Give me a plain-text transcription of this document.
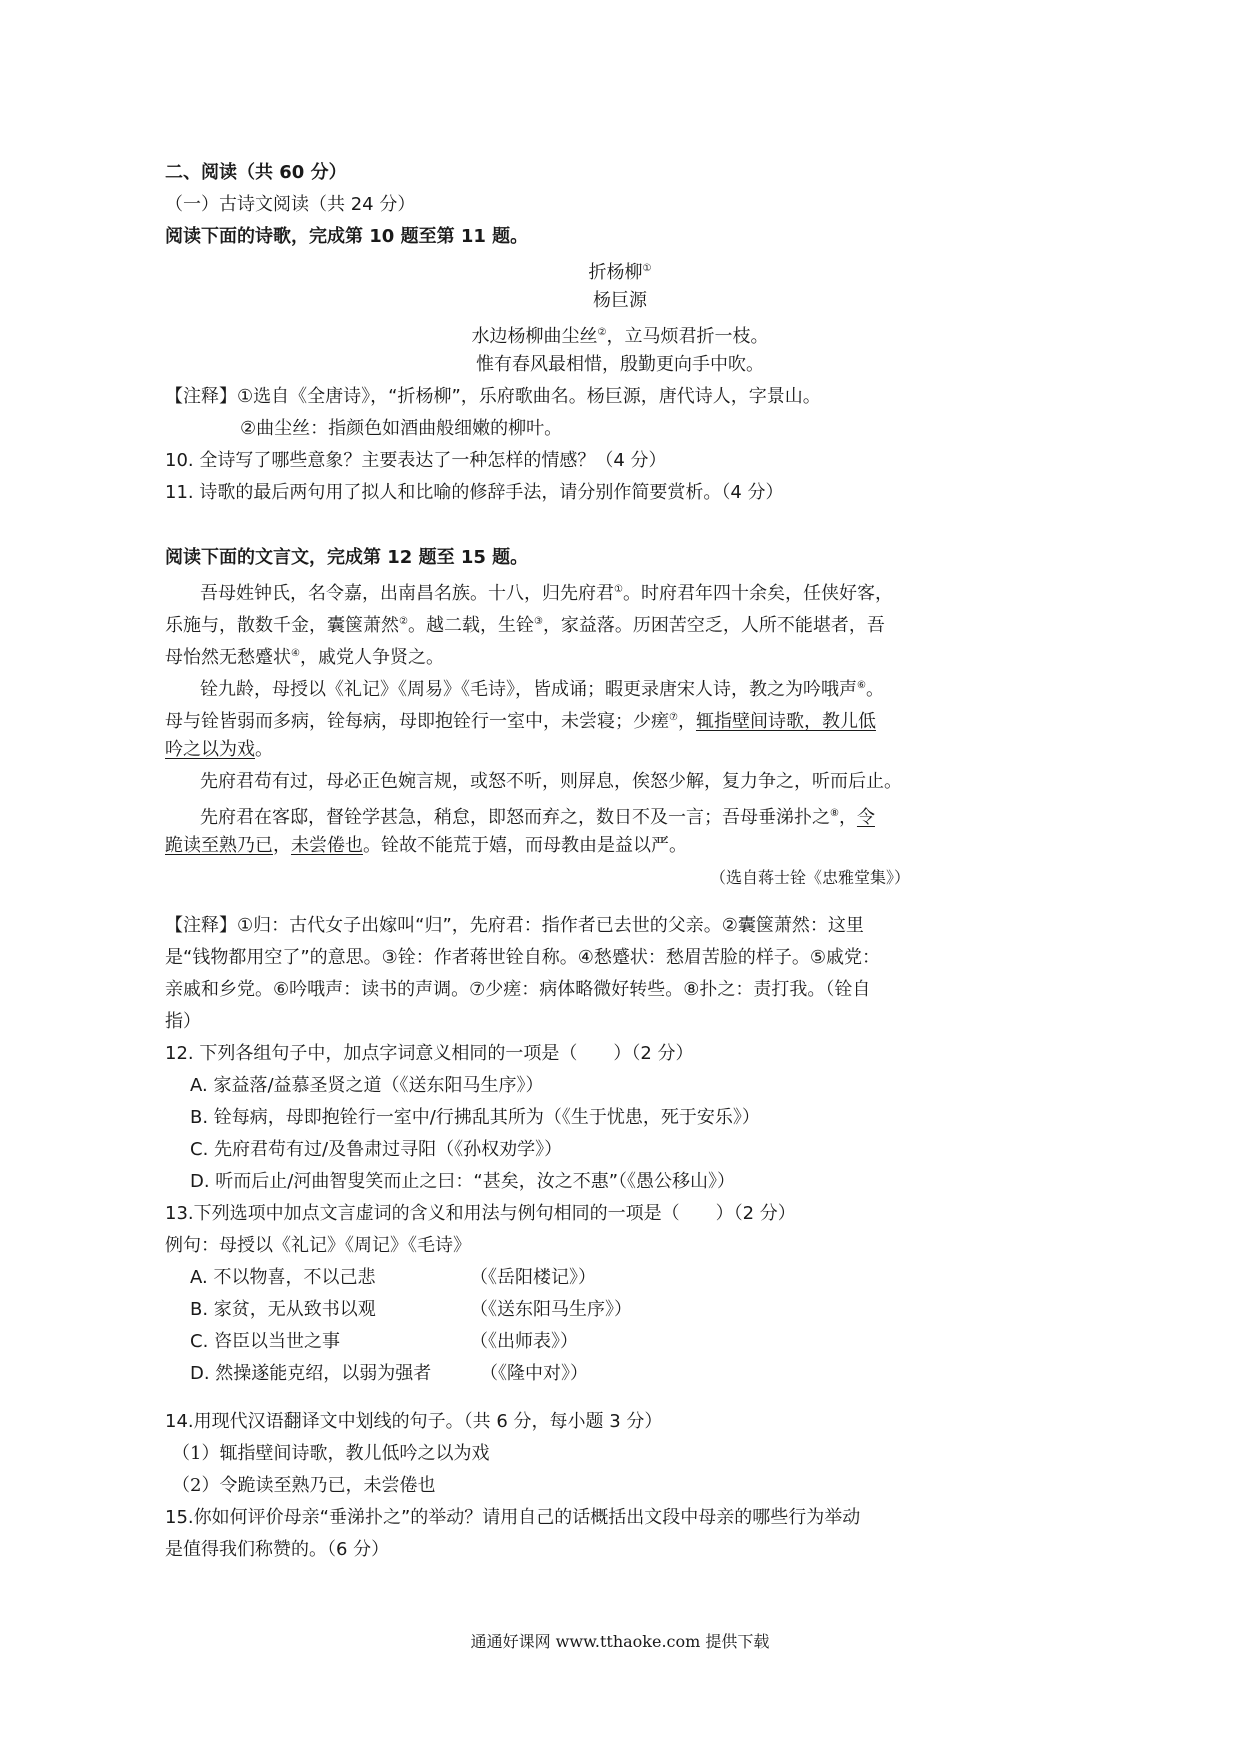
二、阅读（共 60 分）
（一）古诗文阅读（共 24 分）
阅读下面的诗歌，完成第 10 题至第 11 题。
折杨柳①
杨巨源
水边杨柳曲尘丝②，立马烦君折一枝。
惟有春风最相惜，殷勤更向手中吹。
【注释】①选自《全唐诗》，“折杨柳”，乐府歌曲名。杨巨源，唐代诗人，字景山。
②曲尘丝：指颜色如酒曲般细嫩的柳叶。
10. 全诗写了哪些意象？主要表达了一种怎样的情感？（4 分）
11. 诗歌的最后两句用了拟人和比喻的修辞手法，请分别作简要赏析。（4 分）
阅读下面的文言文，完成第 12 题至 15 题。
吾母姓钟氏，名令嘉，出南昌名族。十八，归先府君①。时府君年四十余矣，任侠好客，
乐施与，散数千金，囊箧萧然②。越二载，生铨③，家益落。历困苦空乏，人所不能堪者，吾
母怡然无愁蹙状④，戚党人争贤之。
铨九龄，母授以《礼记》《周易》《毛诗》，皆成诵；暇更录唐宋人诗，教之为吟哦声⑥。
母与铨皆弱而多病，铨每病，母即抱铨行一室中，未尝寝；少瘥⑦，辄指壁间诗歌，教儿低
吟之以为戏。
先府君苟有过，母必正色婉言规，或怒不听，则屏息，俟怒少解，复力争之，听而后止。
先府君在客邸，督铨学甚急，稍怠，即怒而弃之，数日不及一言；吾母垂涕扑之⑧，令
跪读至熟乃已，未尝倦也。铨故不能荒于嬉，而母教由是益以严。
（选自蒋士铨《忠雅堂集》）
【注释】①归：古代女子出嫁叫“归”，先府君：指作者已去世的父亲。②囊箧萧然：这里
是“钱物都用空了”的意思。③铨：作者蒋世铨自称。④愁蹙状：愁眉苦脸的样子。⑤戚党：
亲戚和乡党。⑥吟哦声：读书的声调。⑦少瘥：病体略微好转些。⑧扑之：责打我。（铨自
指）
12. 下列各组句子中，加点字词意义相同的一项是（　　）（2 分）
A. 家益落/益慕圣贤之道（《送东阳马生序》）
B. 铨每病，母即抱铨行一室中/行拂乱其所为（《生于忧患，死于安乐》）
C. 先府君苟有过/及鲁肃过寻阳（《孙权劝学》）
D. 听而后止/河曲智叟笑而止之曰：“甚矣，汝之不惠”（《愚公移山》）
13.下列选项中加点文言虚词的含义和用法与例句相同的一项是（　　）（2 分）
例句：母授以《礼记》《周记》《毛诗》
A. 不以物喜，不以己悲	（《岳阳楼记》）
B. 家贫，无从致书以观	（《送东阳马生序》）
C. 咨臣以当世之事	（《出师表》）
D. 然操遂能克绍，以弱为强者	（《隆中对》）
14.用现代汉语翻译文中划线的句子。（共 6 分，每小题 3 分）
（1）辄指壁间诗歌，教儿低吟之以为戏
（2）令跪读至熟乃已，未尝倦也
15.你如何评价母亲“垂涕扑之”的举动？请用自己的话概括出文段中母亲的哪些行为举动
是值得我们称赞的。（6 分）
通通好课网 www.tthaoke.com 提供下载
